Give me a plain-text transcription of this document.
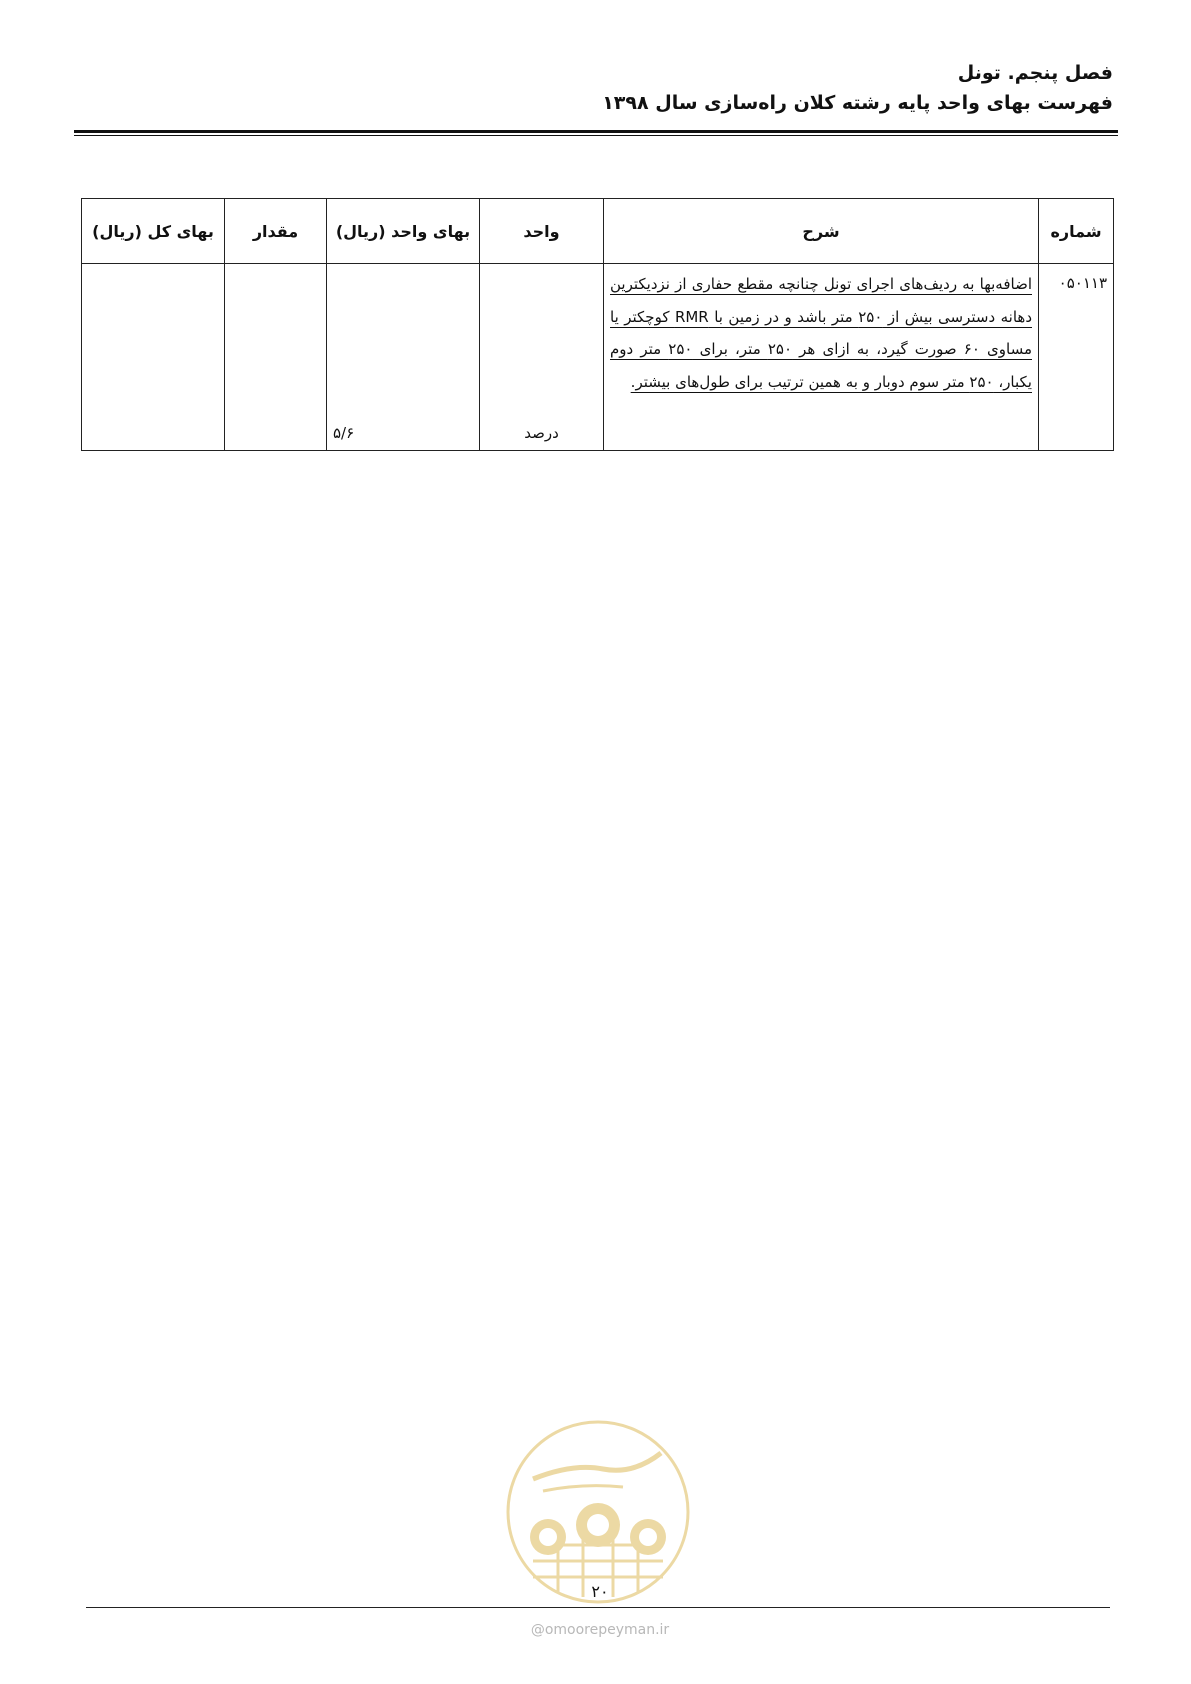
فصل پنجم. تونل
فهرست بهای واحد پایه رشته کلان راه‌سازی سال ۱۳۹۸
شماره	شرح	واحد	بهای واحد (ریال)	مقدار	بهای کل (ریال)
۰۵۰۱۱۳	اضافه‌بها به ردیف‌های اجرای تونل چنانچه مقطع حفاری از نزدیکترین دهانه دسترسی بیش از ۲۵۰ متر باشد و در زمین با RMR کوچکتر یا مساوی ۶۰ صورت گیرد، به ازای هر ۲۵۰ متر، برای ۲۵۰ متر دوم یکبار، ۲۵۰ متر سوم دوبار و به همین ترتیب برای طول‌های بیشتر.	درصد	۵/۶		
۲۰
@omoorepeyman.ir
